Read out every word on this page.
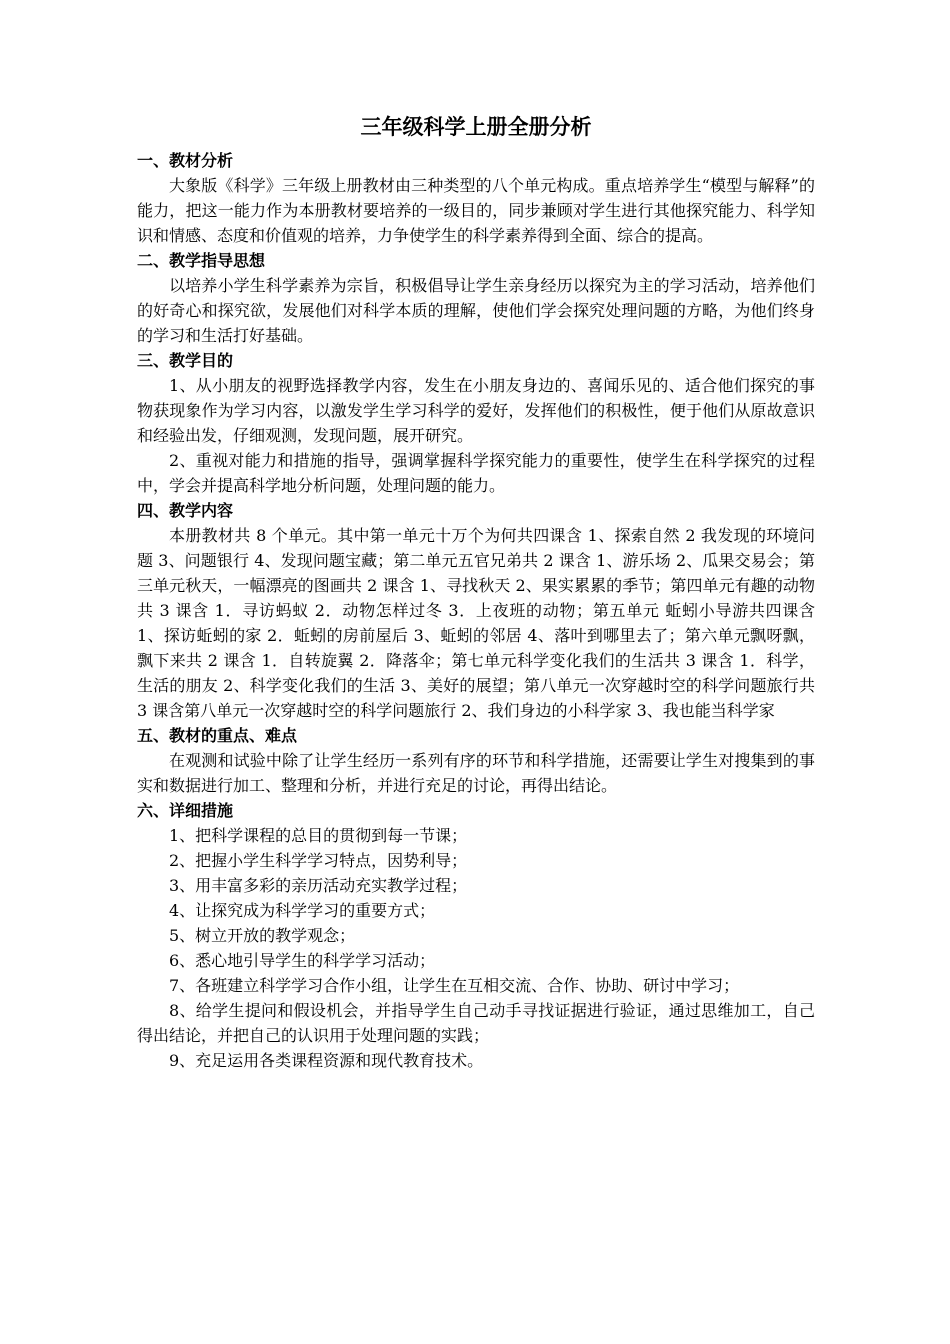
三年级科学上册全册分析
一、教材分析

大象版《科学》三年级上册教材由三种类型的八个单元构成。重点培养学生“模型与解释”的能力，把这一能力作为本册教材要培养的一级目的，同步兼顾对学生进行其他探究能力、科学知识和情感、态度和价值观的培养，力争使学生的科学素养得到全面、综合的提高。

二、教学指导思想

以培养小学生科学素养为宗旨，积极倡导让学生亲身经历以探究为主的学习活动，培养他们的好奇心和探究欲，发展他们对科学本质的理解，使他们学会探究处理问题的方略，为他们终身的学习和生活打好基础。

三、教学目的

1、从小朋友的视野选择教学内容，发生在小朋友身边的、喜闻乐见的、适合他们探究的事物获现象作为学习内容，以激发学生学习科学的爱好，发挥他们的积极性，便于他们从原故意识和经验出发，仔细观测，发现问题，展开研究。

2、重视对能力和措施的指导，强调掌握科学探究能力的重要性，使学生在科学探究的过程中，学会并提高科学地分析问题，处理问题的能力。

四、教学内容

本册教材共 8 个单元。其中第一单元十万个为何共四课含 1、探索自然 2 我发现的环境问题 3、问题银行 4、发现问题宝藏；第二单元五官兄弟共 2 课含 1、游乐场 2、瓜果交易会；第三单元秋天，一幅漂亮的图画共 2 课含 1、寻找秋天 2、果实累累的季节；第四单元有趣的动物共 3 课含 1．寻访蚂蚁 2．动物怎样过冬 3．上夜班的动物；第五单元 蚯蚓小导游共四课含 1、探访蚯蚓的家 2．蚯蚓的房前屋后 3、蚯蚓的邻居 4、落叶到哪里去了；第六单元飘呀飘，飘下来共 2 课含 1．自转旋翼 2．降落伞；第七单元科学变化我们的生活共 3 课含 1．科学，生活的朋友 2、科学变化我们的生活 3、美好的展望；第八单元一次穿越时空的科学问题旅行共 3 课含第八单元一次穿越时空的科学问题旅行 2、我们身边的小科学家 3、我也能当科学家

五、教材的重点、难点

在观测和试验中除了让学生经历一系列有序的环节和科学措施，还需要让学生对搜集到的事实和数据进行加工、整理和分析，并进行充足的讨论，再得出结论。

六、详细措施

1、把科学课程的总目的贯彻到每一节课；

2、把握小学生科学学习特点，因势利导；

3、用丰富多彩的亲历活动充实教学过程；

4、让探究成为科学学习的重要方式；

5、树立开放的教学观念；

6、悉心地引导学生的科学学习活动；

7、各班建立科学学习合作小组，让学生在互相交流、合作、协助、研讨中学习；

8、给学生提问和假设机会，并指导学生自己动手寻找证据进行验证，通过思维加工，自己得出结论，并把自己的认识用于处理问题的实践；

9、充足运用各类课程资源和现代教育技术。
